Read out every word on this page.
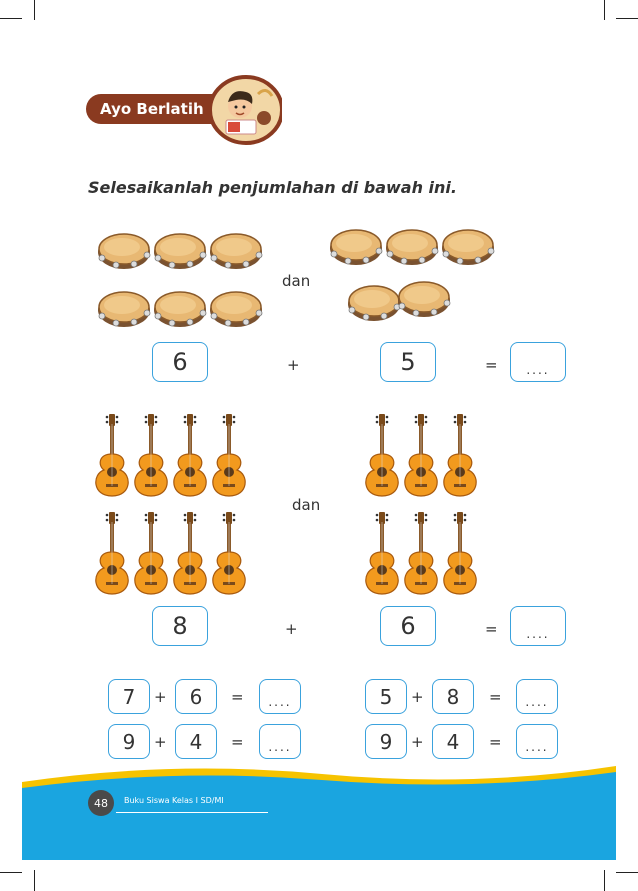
Ayo Berlatih
Selesaikanlah penjumlahan di bawah ini.
dan
6	+	5	=	....
dan
8	+	6	=	....
7	+	6	=	....	5	+	8	=	....
9	+	4	=	....	9	+	4	=	....
48	Buku Siswa Kelas I SD/MI
